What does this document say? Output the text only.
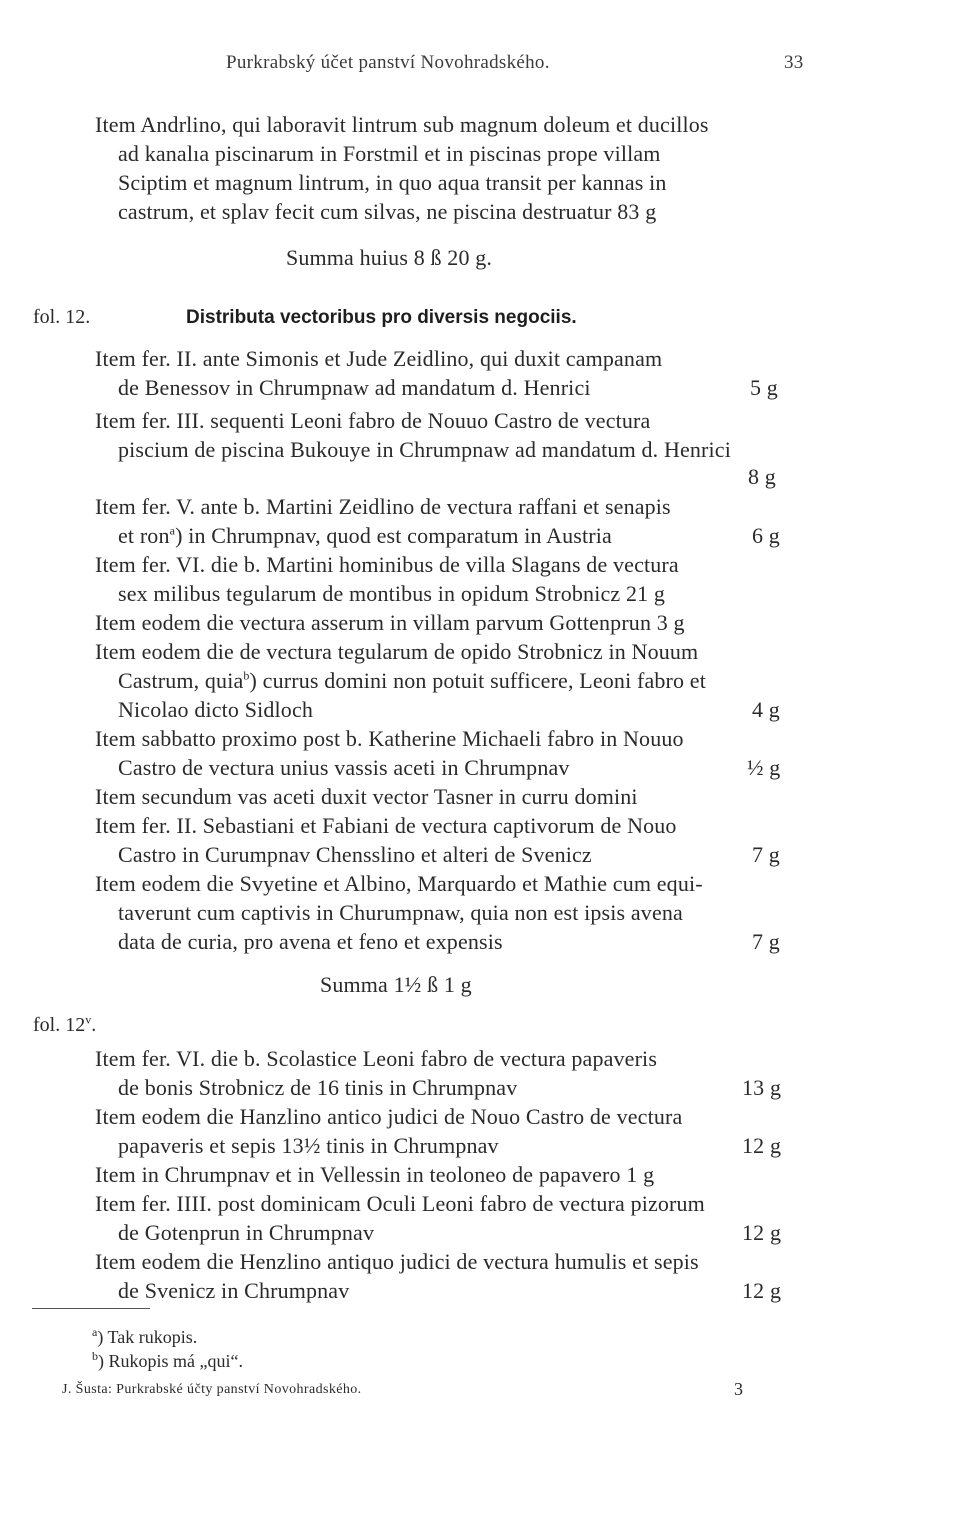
Purkrabský účet panství Novohradského.	33
Item Andrlino, qui laboravit lintrum sub magnum doleum et ducillos
ad kanalıa piscinarum in Forstmil et in piscinas prope villam
Sciptim et magnum lintrum, in quo aqua transit per kannas in
castrum, et splav fecit cum silvas, ne piscina destruatur 83 g
Summa huius 8 ß 20 g.
fol. 12.	Distributa vectoribus pro diversis negociis.
Item fer. II. ante Simonis et Jude Zeidlino, qui duxit campanam
de Benessov in Chrumpnaw ad mandatum d. Henrici	5 g
Item fer. III. sequenti Leoni fabro de Nouuo Castro de vectura
piscium de piscina Bukouye in Chrumpnaw ad mandatum d. Henrici
8 g
Item fer. V. ante b. Martini Zeidlino de vectura raffani et senapis
et ron$^a$) in Chrumpnav, quod est comparatum in Austria	6 g
Item fer. VI. die b. Martini hominibus de villa Slagans de vectura
sex milibus tegularum de montibus in opidum Strobnicz 21 g
Item eodem die vectura asserum in villam parvum Gottenprun 3 g
Item eodem die de vectura tegularum de opido Strobnicz in Nouum
Castrum, quia$^b$) currus domini non potuit sufficere, Leoni fabro et
Nicolao dicto Sidloch	4 g
Item sabbatto proximo post b. Katherine Michaeli fabro in Nouuo
Castro de vectura unius vassis aceti in Chrumpnav	½ g
Item secundum vas aceti duxit vector Tasner in curru domini
Item fer. II. Sebastiani et Fabiani de vectura captivorum de Nouo
Castro in Curumpnav Chensslino et alteri de Svenicz	7 g
Item eodem die Svyetine et Albino, Marquardo et Mathie cum equi-
taverunt cum captivis in Churumpnaw, quia non est ipsis avena
data de curia, pro avena et feno et expensis	7 g
Summa 1½ ß 1 g
fol. 12$^v$.
Item fer. VI. die b. Scolastice Leoni fabro de vectura papaveris
de bonis Strobnicz de 16 tinis in Chrumpnav	13 g
Item eodem die Hanzlino antico judici de Nouo Castro de vectura
papaveris et sepis 13½ tinis in Chrumpnav	12 g
Item in Chrumpnav et in Vellessin in teoloneo de papavero 1 g
Item fer. IIII. post dominicam Oculi Leoni fabro de vectura pizorum
de Gotenprun in Chrumpnav	12 g
Item eodem die Henzlino antiquo judici de vectura humulis et sepis
de Svenicz in Chrumpnav	12 g
$^a$) Tak rukopis.
$^b$) Rukopis má „qui“.
J. Šusta: Purkrabské účty panství Novohradského.	3
